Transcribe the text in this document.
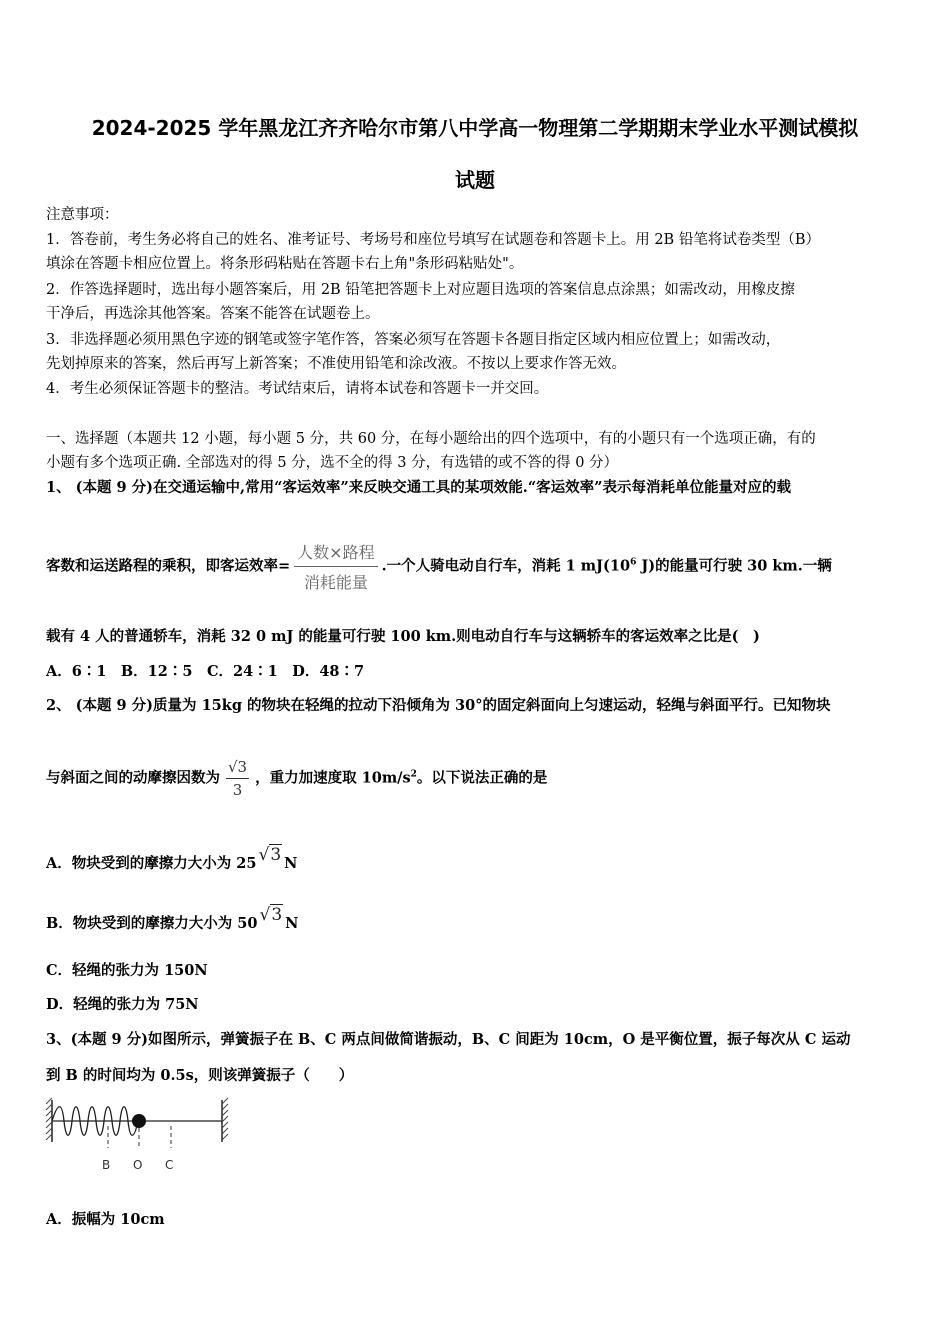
2024-2025 学年黑龙江齐齐哈尔市第八中学高一物理第二学期期末学业水平测试模拟
试题
注意事项：
1．答卷前，考生务必将自己的姓名、准考证号、考场号和座位号填写在试题卷和答题卡上。用 2B 铅笔将试卷类型（B）
填涂在答题卡相应位置上。将条形码粘贴在答题卡右上角"条形码粘贴处"。
2．作答选择题时，选出每小题答案后，用 2B 铅笔把答题卡上对应题目选项的答案信息点涂黑；如需改动，用橡皮擦
干净后，再选涂其他答案。答案不能答在试题卷上。
3．非选择题必须用黑色字迹的钢笔或签字笔作答，答案必须写在答题卡各题目指定区域内相应位置上；如需改动，
先划掉原来的答案，然后再写上新答案；不准使用铅笔和涂改液。不按以上要求作答无效。
4．考生必须保证答题卡的整洁。考试结束后，请将本试卷和答题卡一并交回。
一、选择题（本题共 12 小题，每小题 5 分，共 60 分，在每小题给出的四个选项中，有的小题只有一个选项正确，有的
小题有多个选项正确. 全部选对的得 5 分，选不全的得 3 分，有选错的或不答的得 0 分）
1、 (本题 9 分)在交通运输中,常用“客运效率”来反映交通工具的某项效能.“客运效率”表示每消耗单位能量对应的载
客数和运送路程的乘积，即客运效率= $\frac{\text{人数×路程}}{\text{消耗能量}}$ .一个人骑电动自行车，消耗 1 $mJ(10^6$ J)的能量可行驶 30 km.一辆
载有 4 人的普通轿车，消耗 32 0 mJ 的能量可行驶 100 km.则电动自行车与这辆轿车的客运效率之比是(　)
A．6∶1　B．12∶5　C．24∶1　D．48∶7
2、 (本题 9 分)质量为 15kg 的物块在轻绳的拉动下沿倾角为 30°的固定斜面向上匀速运动，轻绳与斜面平行。已知物块
与斜面之间的动摩擦因数为 $\frac{√3}{3}$ ，重力加速度取 $10m/s^2$。以下说法正确的是
A．物块受到的摩擦力大小为 25 √3 N
B．物块受到的摩擦力大小为 50 √3 N
C．轻绳的张力为 150N
D．轻绳的张力为 75N
3、(本题 9 分)如图所示，弹簧振子在 B、C 两点间做简谐振动，B、C 间距为 10cm，O 是平衡位置，振子每次从 C 运动
到 B 的时间均为 0.5s，则该弹簧振子（　　）
B O C
A．振幅为 10cm
